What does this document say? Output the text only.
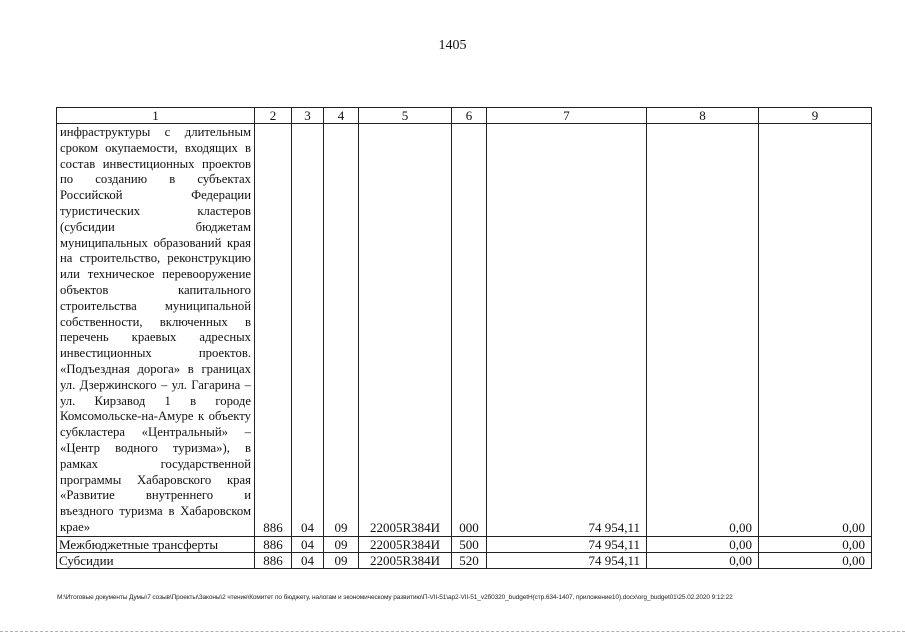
1405
1	2	3	4	5	6	7	8	9
инфраструктуры с длительным сроком окупаемости, входящих в состав инвестиционных проектов по созданию в субъектах Российской Федерации туристических кластеров (субсидии бюджетам муниципальных образований края на строительство, реконструкцию или техническое перевооружение объектов капитального строительства муниципальной собственности, включенных в перечень краевых адресных инвестиционных проектов. «Подъездная дорога» в границах ул. Дзержинского – ул. Гагарина – ул. Кирзавод 1 в городе Комсомольске-на-Амуре к объекту субкластера «Центральный» – «Центр водного туризма»), в рамках государственной программы Хабаровского края «Развитие внутреннего и въездного туризма в Хабаровском крае»	886	04	09	22005R384И	000	74 954,11	0,00	0,00
Межбюджетные трансферты	886	04	09	22005R384И	500	74 954,11	0,00	0,00
Субсидии	886	04	09	22005R384И	520	74 954,11	0,00	0,00
M:\Итоговые документы Думы\7 созыв\Проекты\Законы\2 чтение\Комитет по бюджету, налогам и экономическому развитию\П-VII-51\ар2-VII-51_v2б0320_budgetН(стр.634-1407, приложение10).docx\org_budget01\25.02.2020 9:12:22
